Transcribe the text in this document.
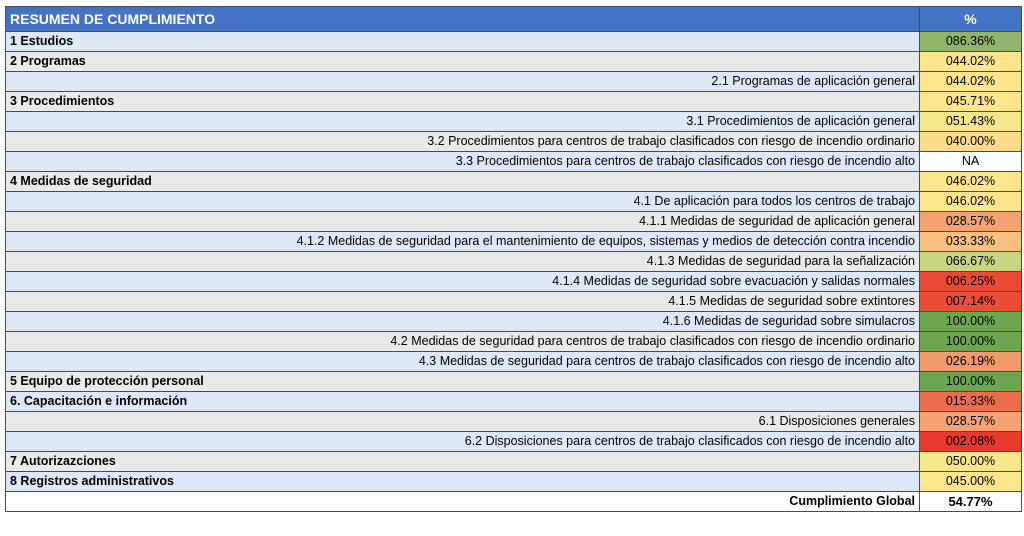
RESUMEN DE CUMPLIMIENTO	%
1 Estudios	086.36%
2 Programas	044.02%
2.1 Programas de aplicación general	044.02%
3 Procedimientos	045.71%
3.1 Procedimientos de aplicación general	051.43%
3.2 Procedimientos para centros de trabajo clasificados con riesgo de incendio ordinario	040.00%
3.3 Procedimientos para centros de trabajo clasificados con riesgo de incendio alto	NA
4 Medidas de seguridad	046.02%
4.1 De aplicación para todos los centros de trabajo	046.02%
4.1.1 Medidas de seguridad de aplicación general	028.57%
4.1.2 Medidas de seguridad para el mantenimiento de equipos, sistemas y medios de detección contra incendio	033.33%
4.1.3 Medidas de seguridad para la señalización	066.67%
4.1.4 Medidas de seguridad sobre evacuación y salidas normales	006.25%
4.1.5 Medidas de seguridad sobre extintores	007.14%
4.1.6 Medidas de seguridad sobre simulacros	100.00%
4.2 Medidas de seguridad para centros de trabajo clasificados con riesgo de incendio ordinario	100.00%
4.3 Medidas de seguridad para centros de trabajo clasificados con riesgo de incendio alto	026.19%
5 Equipo de protección personal	100.00%
6. Capacitación e información	015.33%
6.1 Disposiciones generales	028.57%
6.2 Disposiciones para centros de trabajo clasificados con riesgo de incendio alto	002.08%
7 Autorizazciones	050.00%
8 Registros administrativos	045.00%
Cumplimiento Global	54.77%
